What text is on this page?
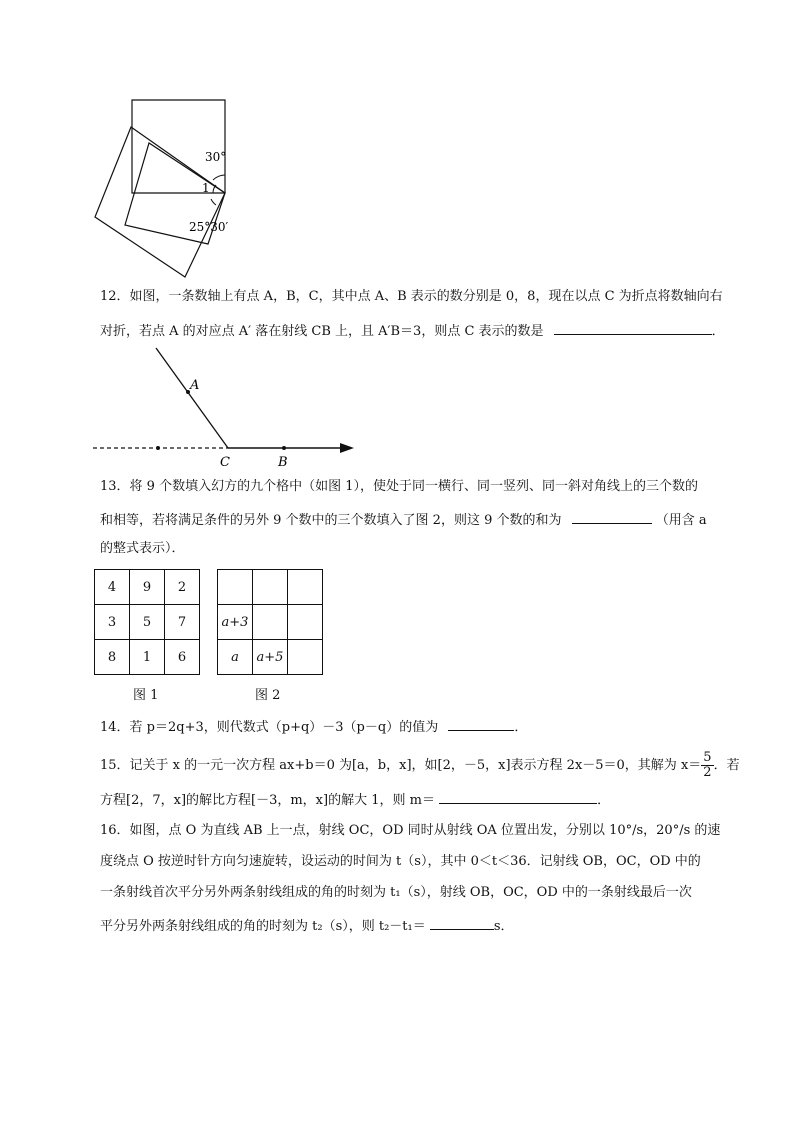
30°
1
25°30′
12．如图，一条数轴上有点 A，B，C，其中点 A、B 表示的数分别是 0，8，现在以点 C 为折点将数轴向右
对折，若点 A 的对应点 A′ 落在射线 CB 上，且 A′B＝3，则点 C 表示的数是	．
A
C	B
13．将 9 个数填入幻方的九个格中（如图 1），使处于同一横行、同一竖列、同一斜对角线上的三个数的
和相等，若将满足条件的另外 9 个数中的三个数填入了图 2，则这 9 个数的和为	（用含 a
的整式表示）．
4	9	2
3	5	7
8	1	6
图 1

a+3		
a	a+5	
图 2
14．若 p＝2q+3，则代数式（p+q）－3（p－q）的值为	．
15．记关于 x 的一元一次方程 ax+b＝0 为[a，b，x]，如[2，－5，x]表示方程 2x－5＝0，其解为 $x= \frac{5}{2}$ ．若
方程[2，7，x]的解比方程[－3，m，x]的解大 1，则 m＝	．
16．如图，点 O 为直线 AB 上一点，射线 OC，OD 同时从射线 OA 位置出发，分别以 10°/s，20°/s 的速
度绕点 O 按逆时针方向匀速旋转，设运动的时间为 t（s），其中 0＜t＜36．记射线 OB，OC，OD 中的
一条射线首次平分另外两条射线组成的角的时刻为 t₁（s），射线 OB，OC，OD 中的一条射线最后一次
平分另外两条射线组成的角的时刻为 t₂（s），则 t₂－t₁＝	s．
